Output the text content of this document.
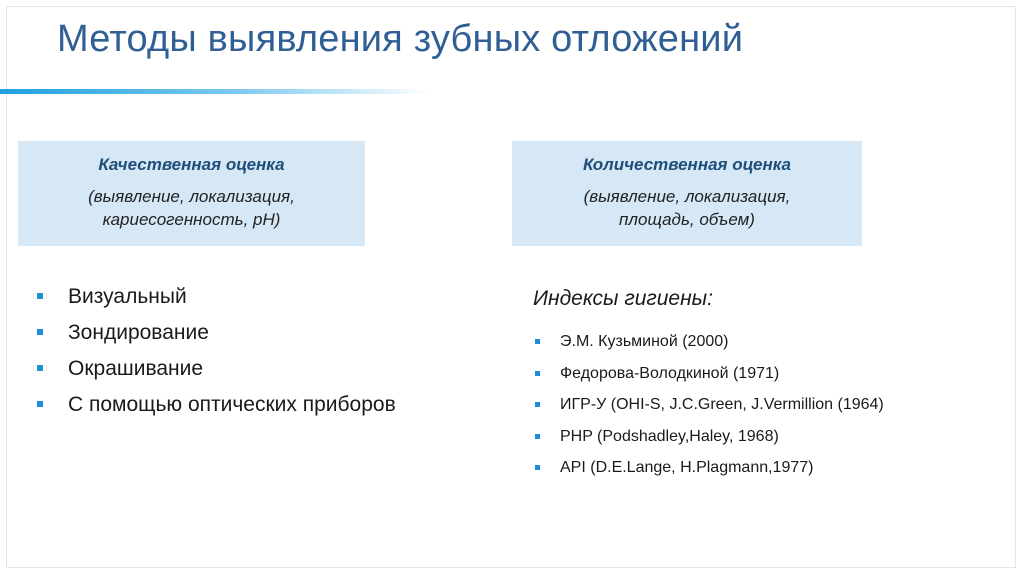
Методы выявления зубных отложений
Качественная оценка
(выявление, локализация,
кариесогенность, рН)
Количественная оценка
(выявление, локализация,
площадь, объем)
Визуальный
Зондирование
Окрашивание
С помощью оптических приборов
Индексы гигиены:
Э.М. Кузьминой (2000)
Федорова-Володкиной (1971)
ИГР-У (OHI-S, J.C.Green, J.Vermillion (1964)
PHP (Podshadley,Haley, 1968)
API (D.E.Lange, H.Plagmann,1977)
